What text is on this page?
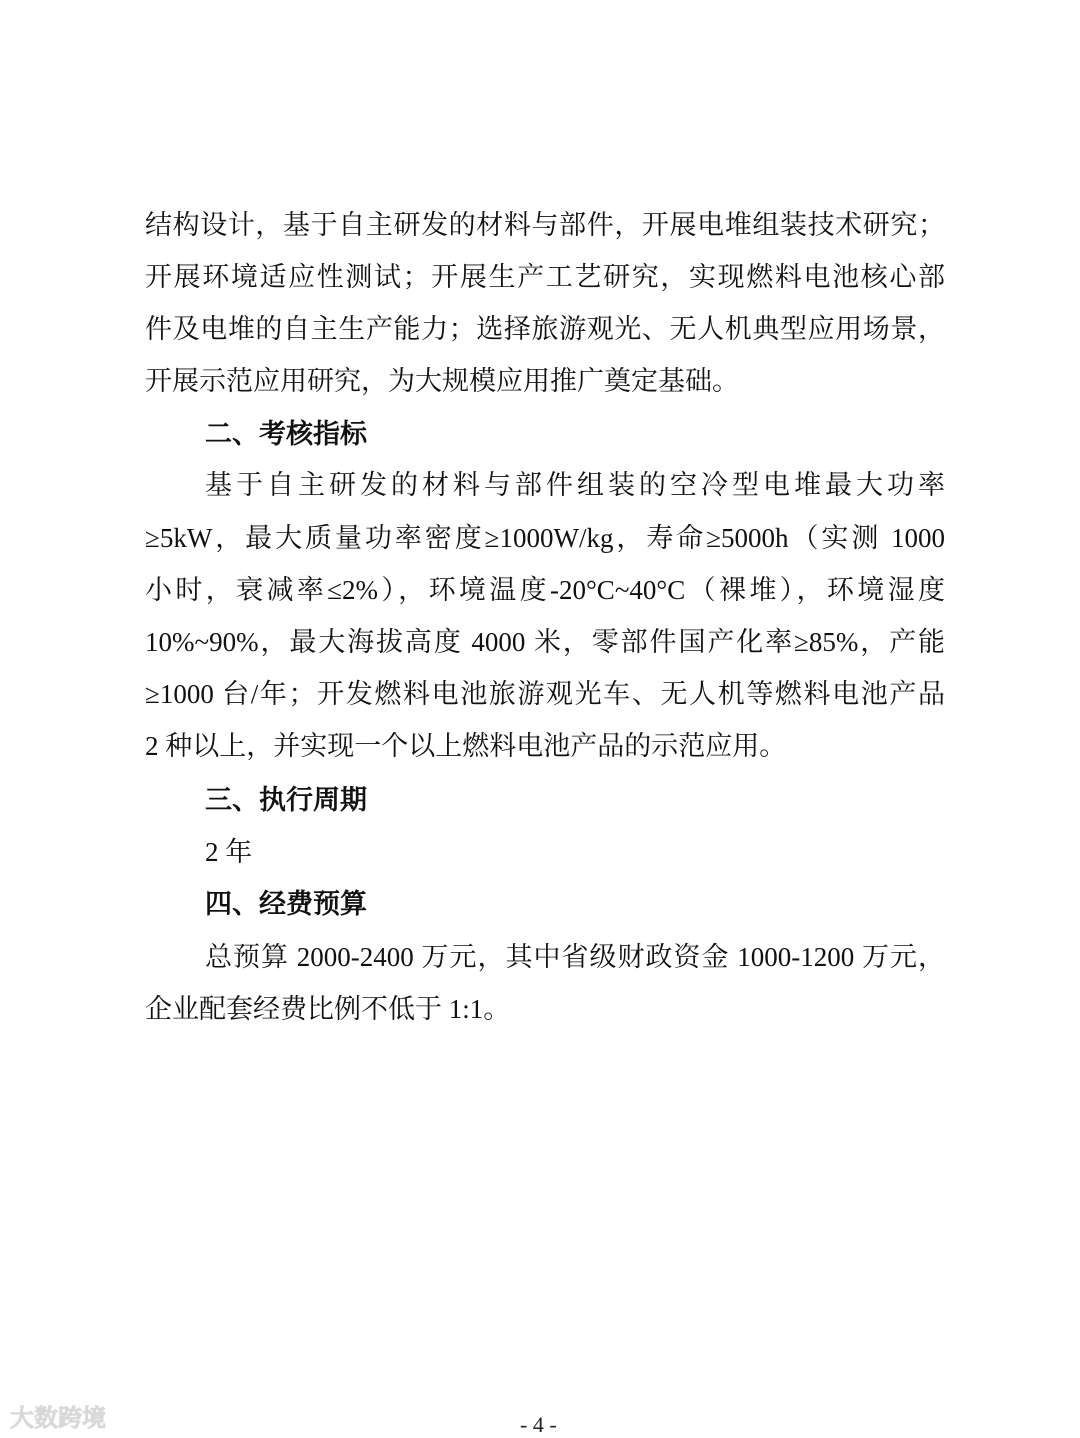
结构设计，基于自主研发的材料与部件，开展电堆组装技术研究；
开展环境适应性测试；开展生产工艺研究，实现燃料电池核心部
件及电堆的自主生产能力；选择旅游观光、无人机典型应用场景，
开展示范应用研究，为大规模应用推广奠定基础。
二、考核指标
基于自主研发的材料与部件组装的空冷型电堆最大功率
≥5kW，最大质量功率密度≥1000W/kg，寿命≥5000h（实测 1000
小时，衰减率≤2%），环境温度-20°C~40°C（裸堆），环境湿度
10%~90%，最大海拔高度 4000 米，零部件国产化率≥85%，产能
≥1000 台/年；开发燃料电池旅游观光车、无人机等燃料电池产品
2 种以上，并实现一个以上燃料电池产品的示范应用。
三、执行周期
2 年
四、经费预算
总预算 2000-2400 万元，其中省级财政资金 1000-1200 万元，
企业配套经费比例不低于 1:1。
大数跨境	- 4 -
